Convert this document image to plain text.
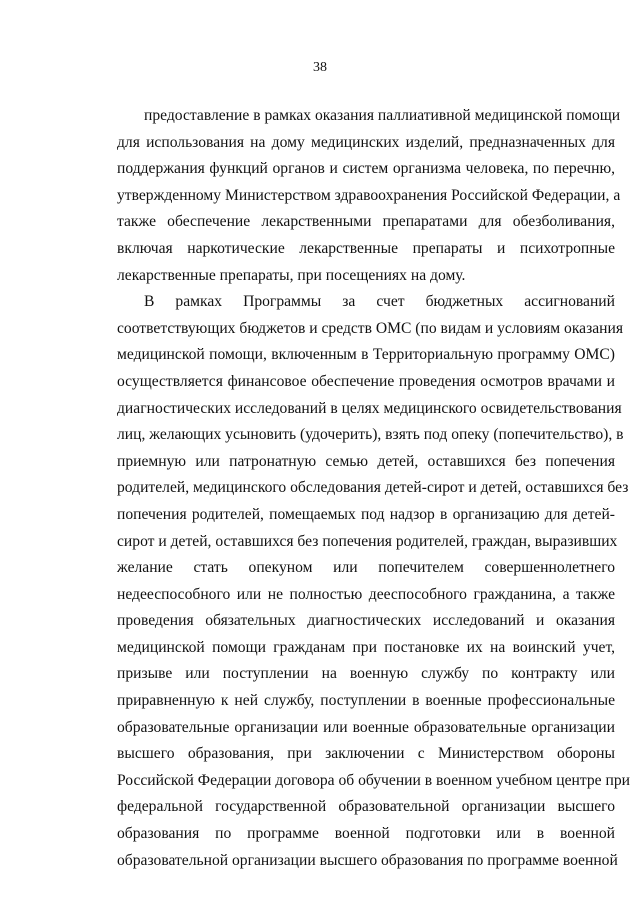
38

предоставление в рамках оказания паллиативной медицинской помощи
для использования на дому медицинских изделий, предназначенных для
поддержания функций органов и систем организма человека, по перечню,
утвержденному Министерством здравоохранения Российской Федерации, а
также обеспечение лекарственными препаратами для обезболивания,
включая наркотические лекарственные препараты и психотропные
лекарственные препараты, при посещениях на дому.

В рамках Программы за счет бюджетных ассигнований
соответствующих бюджетов и средств ОМС (по видам и условиям оказания
медицинской помощи, включенным в Территориальную программу ОМС)
осуществляется финансовое обеспечение проведения осмотров врачами и
диагностических исследований в целях медицинского освидетельствования
лиц, желающих усыновить (удочерить), взять под опеку (попечительство), в
приемную или патронатную семью детей, оставшихся без попечения
родителей, медицинского обследования детей-сирот и детей, оставшихся без
попечения родителей, помещаемых под надзор в организацию для детей-
сирот и детей, оставшихся без попечения родителей, граждан, выразивших
желание стать опекуном или попечителем совершеннолетнего
недееспособного или не полностью дееспособного гражданина, а также
проведения обязательных диагностических исследований и оказания
медицинской помощи гражданам при постановке их на воинский учет,
призыве или поступлении на военную службу по контракту или
приравненную к ней службу, поступлении в военные профессиональные
образовательные организации или военные образовательные организации
высшего образования, при заключении с Министерством обороны
Российской Федерации договора об обучении в военном учебном центре при
федеральной государственной образовательной организации высшего
образования по программе военной подготовки или в военной
образовательной организации высшего образования по программе военной
